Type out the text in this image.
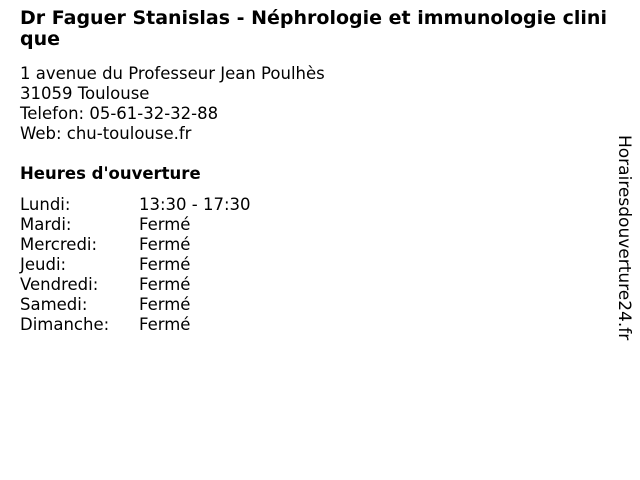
Dr Faguer Stanislas - Néphrologie et immunologie clinique
1 avenue du Professeur Jean Poulhès
31059 Toulouse
Telefon: 05-61-32-32-88
Web: chu-toulouse.fr
Heures d'ouverture
Lundi:	13:30 - 17:30
Mardi:	Fermé
Mercredi:	Fermé
Jeudi:	Fermé
Vendredi:	Fermé
Samedi:	Fermé
Dimanche:	Fermé	Horairesdouverture24.fr
